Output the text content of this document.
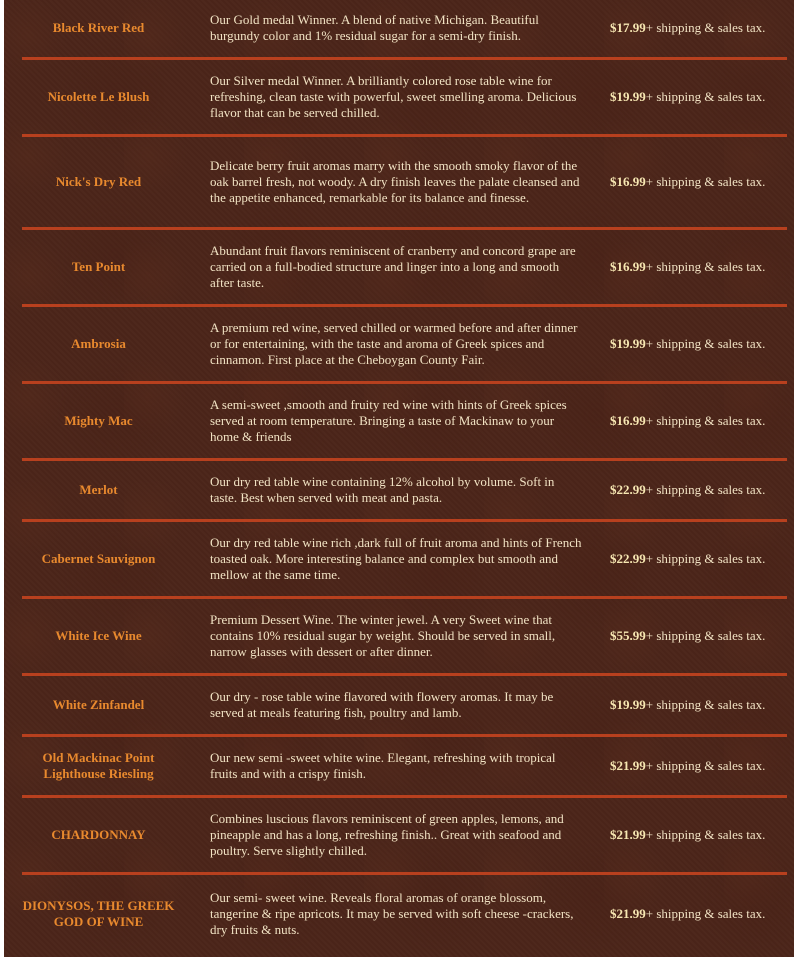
Black River Red	Our Gold medal Winner. A blend of native Michigan. Beautiful burgundy color and 1% residual sugar for a semi-dry finish.	$17.99+ shipping & sales tax.
Nicolette Le Blush	Our Silver medal Winner. A brilliantly colored rose table wine for refreshing, clean taste with powerful, sweet smelling aroma. Delicious flavor that can be served chilled.	$19.99+ shipping & sales tax.
Nick's Dry Red	Delicate berry fruit aromas marry with the smooth smoky flavor of the oak barrel fresh, not woody. A dry finish leaves the palate cleansed and the appetite enhanced, remarkable for its balance and finesse.	$16.99+ shipping & sales tax.
Ten Point	Abundant fruit flavors reminiscent of cranberry and concord grape are carried on a full-bodied structure and linger into a long and smooth after taste.	$16.99+ shipping & sales tax.
Ambrosia	A premium red wine, served chilled or warmed before and after dinner or for entertaining, with the taste and aroma of Greek spices and cinnamon. First place at the Cheboygan County Fair.	$19.99+ shipping & sales tax.
Mighty Mac	A semi-sweet ,smooth and fruity red wine with hints of Greek spices served at room temperature. Bringing a taste of Mackinaw to your home & friends	$16.99+ shipping & sales tax.
Merlot	Our dry red table wine containing 12% alcohol by volume. Soft in taste. Best when served with meat and pasta.	$22.99+ shipping & sales tax.
Cabernet Sauvignon	Our dry red table wine rich ,dark full of fruit aroma and hints of French toasted oak. More interesting balance and complex but smooth and mellow at the same time.	$22.99+ shipping & sales tax.
White Ice Wine	Premium Dessert Wine. The winter jewel. A very Sweet wine that contains 10% residual sugar by weight. Should be served in small, narrow glasses with dessert or after dinner.	$55.99+ shipping & sales tax.
White Zinfandel	Our dry - rose table wine flavored with flowery aromas. It may be served at meals featuring fish, poultry and lamb.	$19.99+ shipping & sales tax.
Old Mackinac Point Lighthouse Riesling	Our new semi -sweet white wine. Elegant, refreshing with tropical fruits and with a crispy finish.	$21.99+ shipping & sales tax.
CHARDONNAY	Combines luscious flavors reminiscent of green apples, lemons, and pineapple and has a long, refreshing finish.. Great with seafood and poultry. Serve slightly chilled.	$21.99+ shipping & sales tax.
DIONYSOS, THE GREEK GOD OF WINE	Our semi- sweet wine. Reveals floral aromas of orange blossom, tangerine & ripe apricots. It may be served with soft cheese -crackers, dry fruits & nuts.	$21.99+ shipping & sales tax.
